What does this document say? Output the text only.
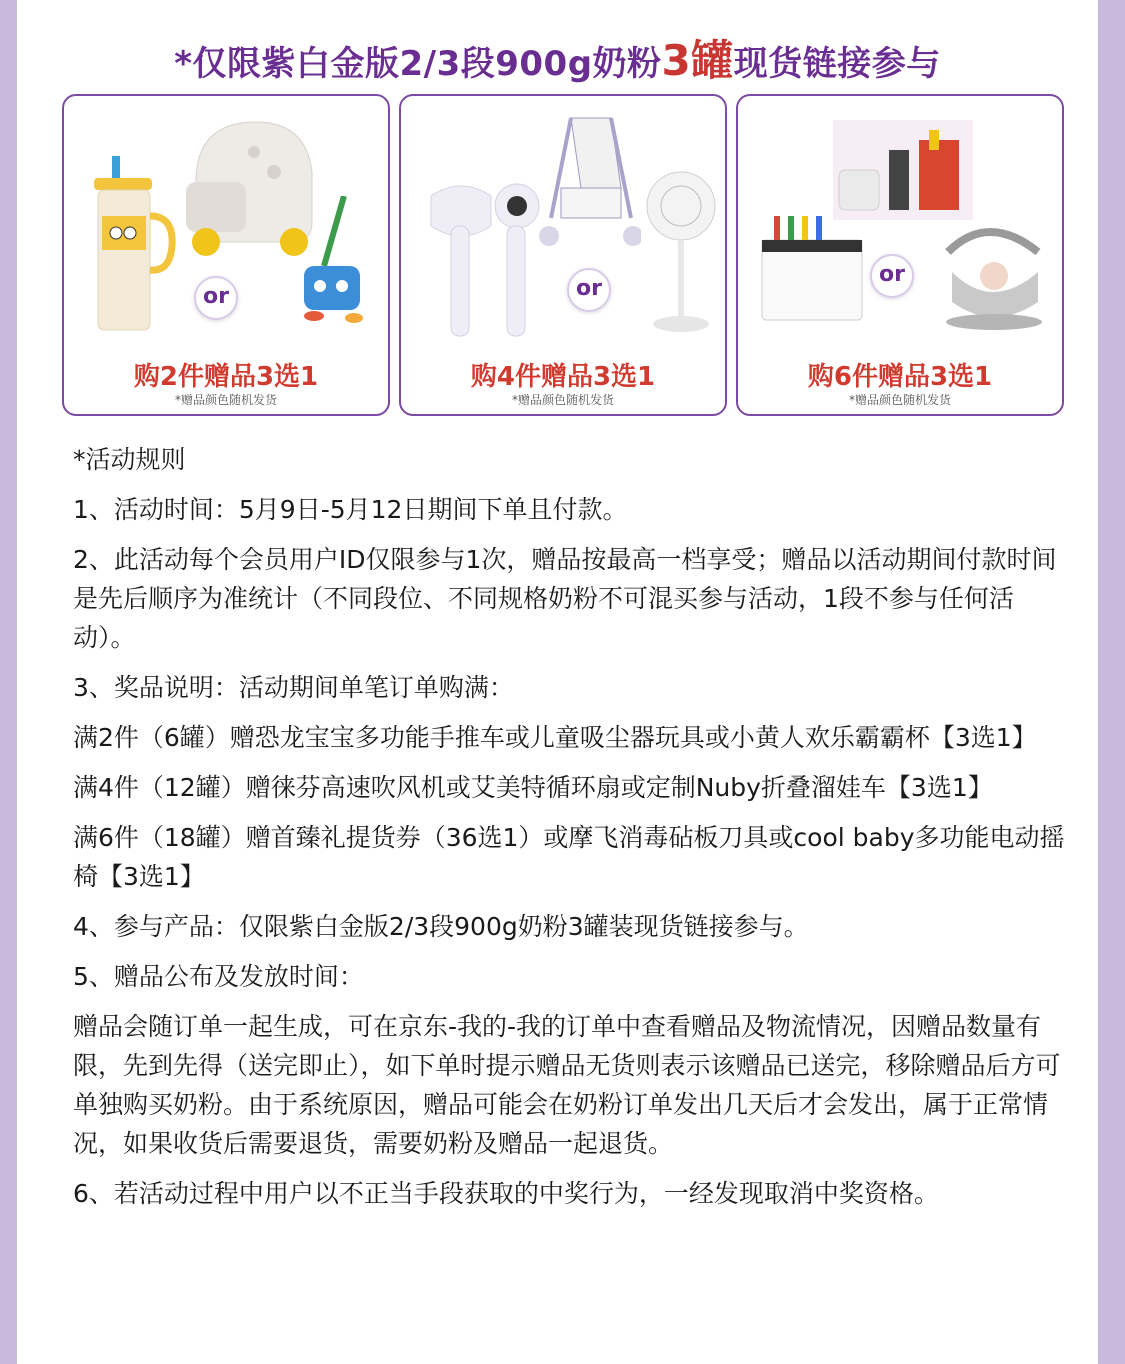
*仅限紫白金版2/3段900g奶粉3罐现货链接参与
or
购2件赠品3选1
*赠品颜色随机发货
or
购4件赠品3选1
*赠品颜色随机发货
or
购6件赠品3选1
*赠品颜色随机发货

*活动规则

1、活动时间：5月9日-5月12日期间下单且付款。

2、此活动每个会员用户ID仅限参与1次，赠品按最高一档享受；赠品以活动期间付款时间是先后顺序为准统计（不同段位、不同规格奶粉不可混买参与活动，1段不参与任何活动）。

3、奖品说明：活动期间单笔订单购满：

满2件（6罐）赠恐龙宝宝多功能手推车或儿童吸尘器玩具或小黄人欢乐霸霸杯【3选1】

满4件（12罐）赠徕芬高速吹风机或艾美特循环扇或定制Nuby折叠溜娃车【3选1】

满6件（18罐）赠首臻礼提货券（36选1）或摩飞消毒砧板刀具或cool baby多功能电动摇椅【3选1】

4、参与产品：仅限紫白金版2/3段900g奶粉3罐装现货链接参与。

5、赠品公布及发放时间：

赠品会随订单一起生成，可在京东-我的-我的订单中查看赠品及物流情况，因赠品数量有限，先到先得（送完即止），如下单时提示赠品无货则表示该赠品已送完，移除赠品后方可单独购买奶粉。由于系统原因，赠品可能会在奶粉订单发出几天后才会发出，属于正常情况，如果收货后需要退货，需要奶粉及赠品一起退货。

6、若活动过程中用户以不正当手段获取的中奖行为，一经发现取消中奖资格。
